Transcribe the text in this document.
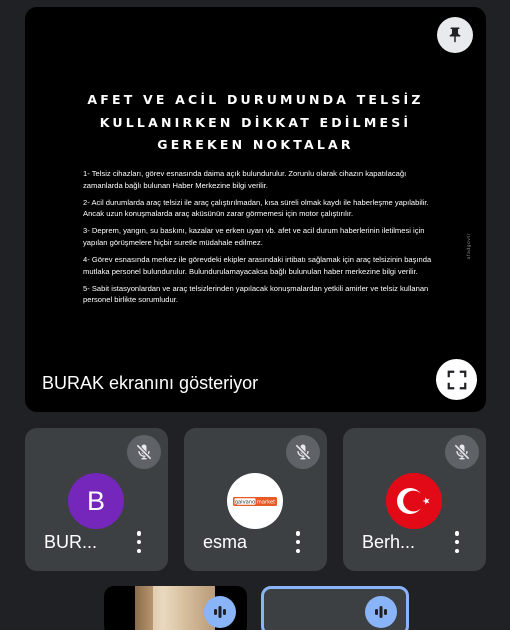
AFET VE ACİL DURUMUNDA TELSİZ
KULLANIRKEN DİKKAT EDİLMESİ
GEREKEN NOKTALAR

1- Telsiz cihazları, görev esnasında daima açık bulundurulur. Zorunlu olarak cihazın kapatılacağı zamanlarda bağlı bulunan Haber Merkezine bilgi verilir.

2- Acil durumlarda araç telsizi ile araç çalıştırılmadan, kısa süreli olmak kaydı ile haberleşme yapılabilir. Ancak uzun konuşmalarda araç aküsünün zarar görmemesi için motor çalıştırılır.

3- Deprem, yangın, su baskını, kazalar ve erken uyarı vb. afet ve acil durum haberlerinin iletilmesi için yapılan görüşmelere hiçbir suretle müdahale edilmez.

4- Görev esnasında merkez ile görevdeki ekipler arasındaki irtibatı sağlamak için araç telsizinin başında mutlaka personel bulundurulur. Bulundurulamayacaksa bağlı bulunulan haber merkezine bilgi verilir.

5- Sabit istasyonlardan ve araç telsizlerinden yapılacak konuşmalardan yetkili amirler ve telsiz kullanan personel birlikte sorumludur.

afadgovtr
BURAK ekranını gösteriyor
B
BUR...
galvano market
esma	Berh...
